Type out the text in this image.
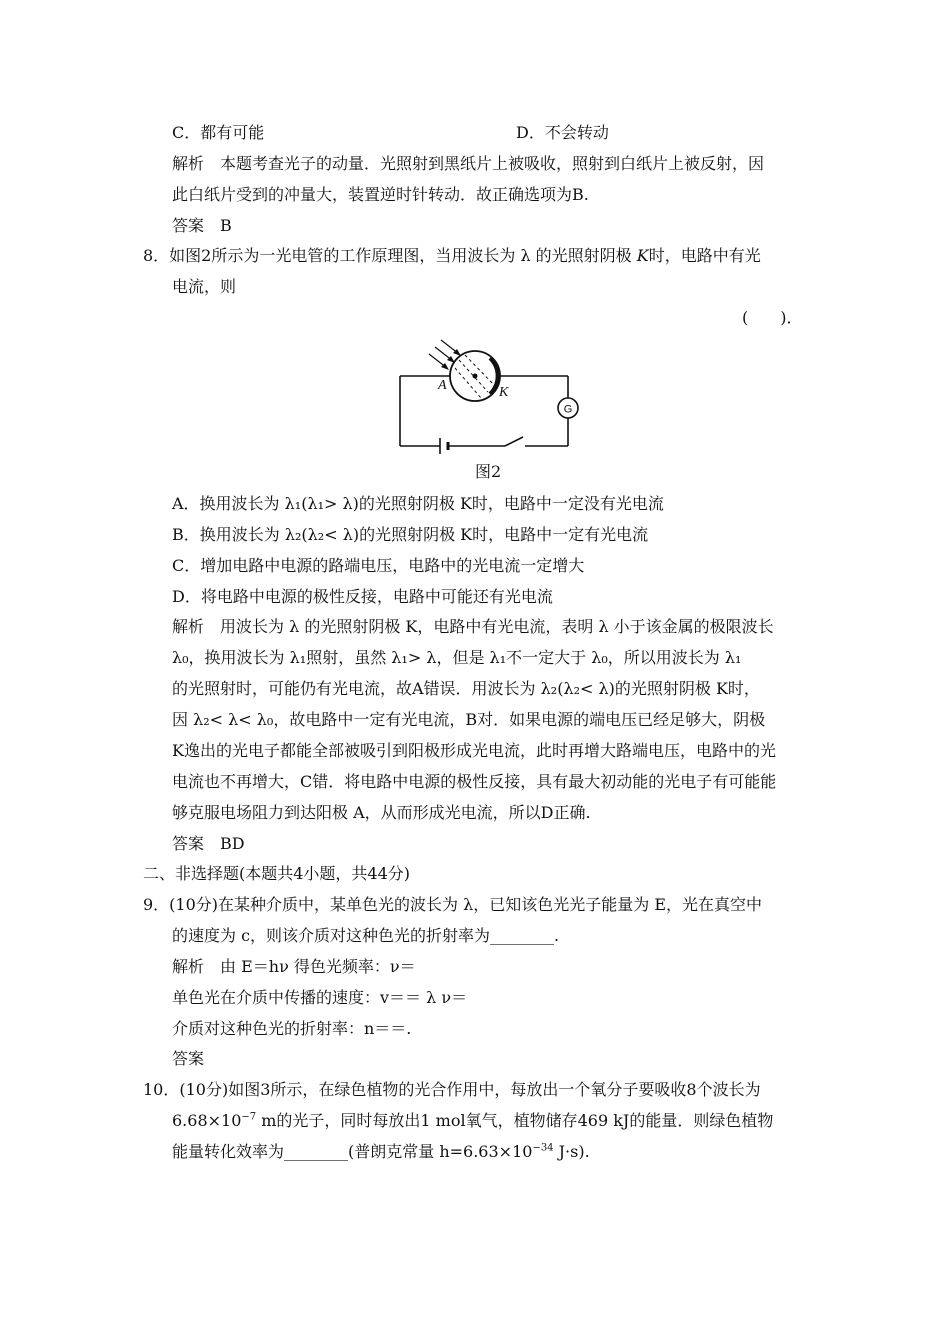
C．都有可能	D．不会转动
解析　本题考查光子的动量．光照射到黑纸片上被吸收，照射到白纸片上被反射，因
此白纸片受到的冲量大，装置逆时针转动．故正确选项为B.
答案　B
8．如图2所示为一光电管的工作原理图，当用波长为 λ 的光照射阴极 K时，电路中有光
电流，则
(　　)．
G
A	K
图2
A．换用波长为 λ₁(λ₁> λ)的光照射阴极 K时，电路中一定没有光电流
B．换用波长为 λ₂(λ₂< λ)的光照射阴极 K时，电路中一定有光电流
C．增加电路中电源的路端电压，电路中的光电流一定增大
D．将电路中电源的极性反接，电路中可能还有光电流
解析　用波长为 λ 的光照射阴极 K，电路中有光电流，表明 λ 小于该金属的极限波长
λ₀，换用波长为 λ₁照射，虽然 λ₁> λ，但是 λ₁不一定大于 λ₀，所以用波长为 λ₁
的光照射时，可能仍有光电流，故A错误．用波长为 λ₂(λ₂< λ)的光照射阴极 K时，
因 λ₂< λ< λ₀，故电路中一定有光电流，B对．如果电源的端电压已经足够大，阴极
K逸出的光电子都能全部被吸引到阳极形成光电流，此时再增大路端电压，电路中的光
电流也不再增大，C错．将电路中电源的极性反接，具有最大初动能的光电子有可能能
够克服电场阻力到达阳极 A，从而形成光电流，所以D正确.
答案　BD
二、非选择题(本题共4小题，共44分)
9．(10分)在某种介质中，某单色光的波长为 λ，已知该色光光子能量为 E，光在真空中
的速度为 c，则该介质对这种色光的折射率为________.
解析　由 E＝hν 得色光频率：ν＝
单色光在介质中传播的速度：v＝＝ λ ν＝
介质对这种色光的折射率：n＝＝.
答案
10．(10分)如图3所示，在绿色植物的光合作用中，每放出一个氧分子要吸收8个波长为
$6.68\times 10^{-7}$ m的光子，同时每放出1 mol氧气，植物储存469 kJ的能量．则绿色植物
能量转化效率为________(普朗克常量 $h=6.63\times 10^{-34}$ J·s).
